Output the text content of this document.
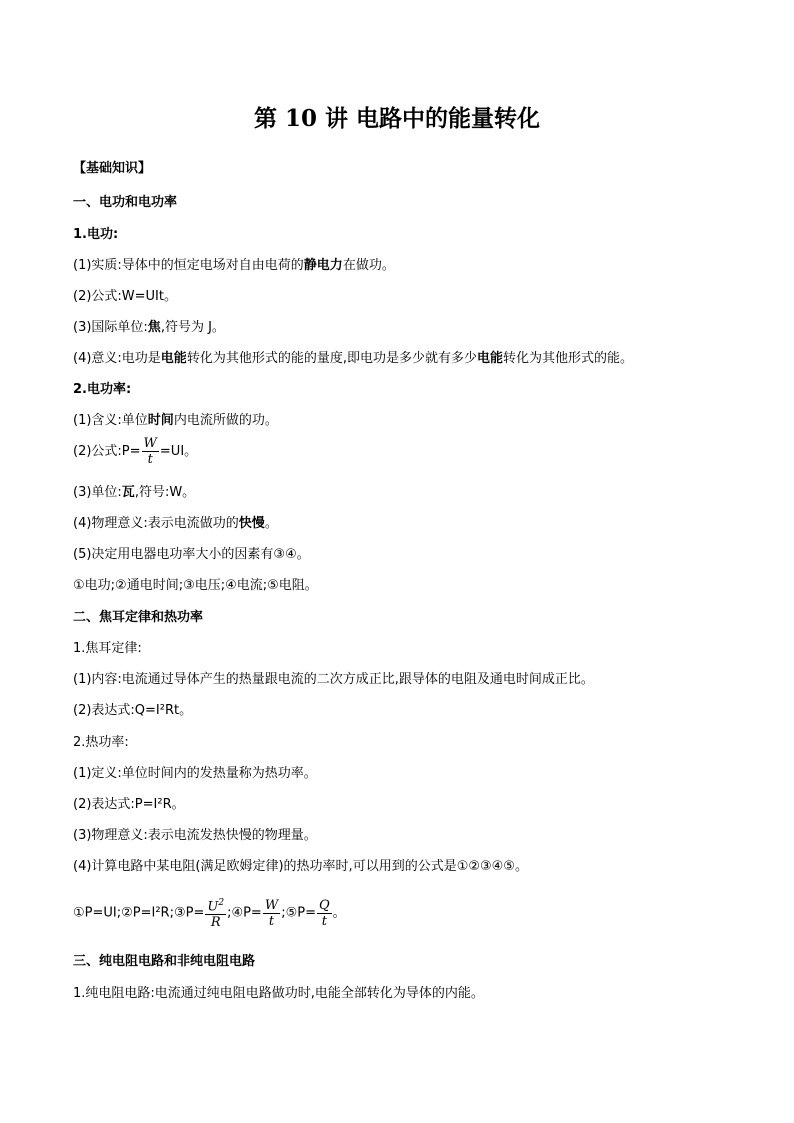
第 10 讲 电路中的能量转化
【基础知识】
一、电功和电功率
1.电功:
(1)实质:导体中的恒定电场对自由电荷的静电力在做功。
(2)公式:W=UIt。
(3)国际单位:焦,符号为 J。
(4)意义:电功是电能转化为其他形式的能的量度,即电功是多少就有多少电能转化为其他形式的能。
2.电功率:
(1)含义:单位时间内电流所做的功。
(2)公式:P= $\frac{W}{t} =UI$。
(3)单位:瓦,符号:W。
(4)物理意义:表示电流做功的快慢。
(5)决定用电器电功率大小的因素有③④。
①电功;②通电时间;③电压;④电流;⑤电阻。
二、焦耳定律和热功率
1.焦耳定律:
(1)内容:电流通过导体产生的热量跟电流的二次方成正比,跟导体的电阻及通电时间成正比。
(2)表达式:Q=I²Rt。
2.热功率:
(1)定义:单位时间内的发热量称为热功率。
(2)表达式:P=I²R。
(3)物理意义:表示电流发热快慢的物理量。
(4)计算电路中某电阻(满足欧姆定律)的热功率时,可以用到的公式是①②③④⑤。
①P=UI;②P=I²R;③P= $\frac{U^2}{R}$ ;④P= $\frac{W}{t}$ ;⑤P= $\frac{Q}{t}$ 。
三、纯电阻电路和非纯电阻电路
1.纯电阻电路:电流通过纯电阻电路做功时,电能全部转化为导体的内能。
